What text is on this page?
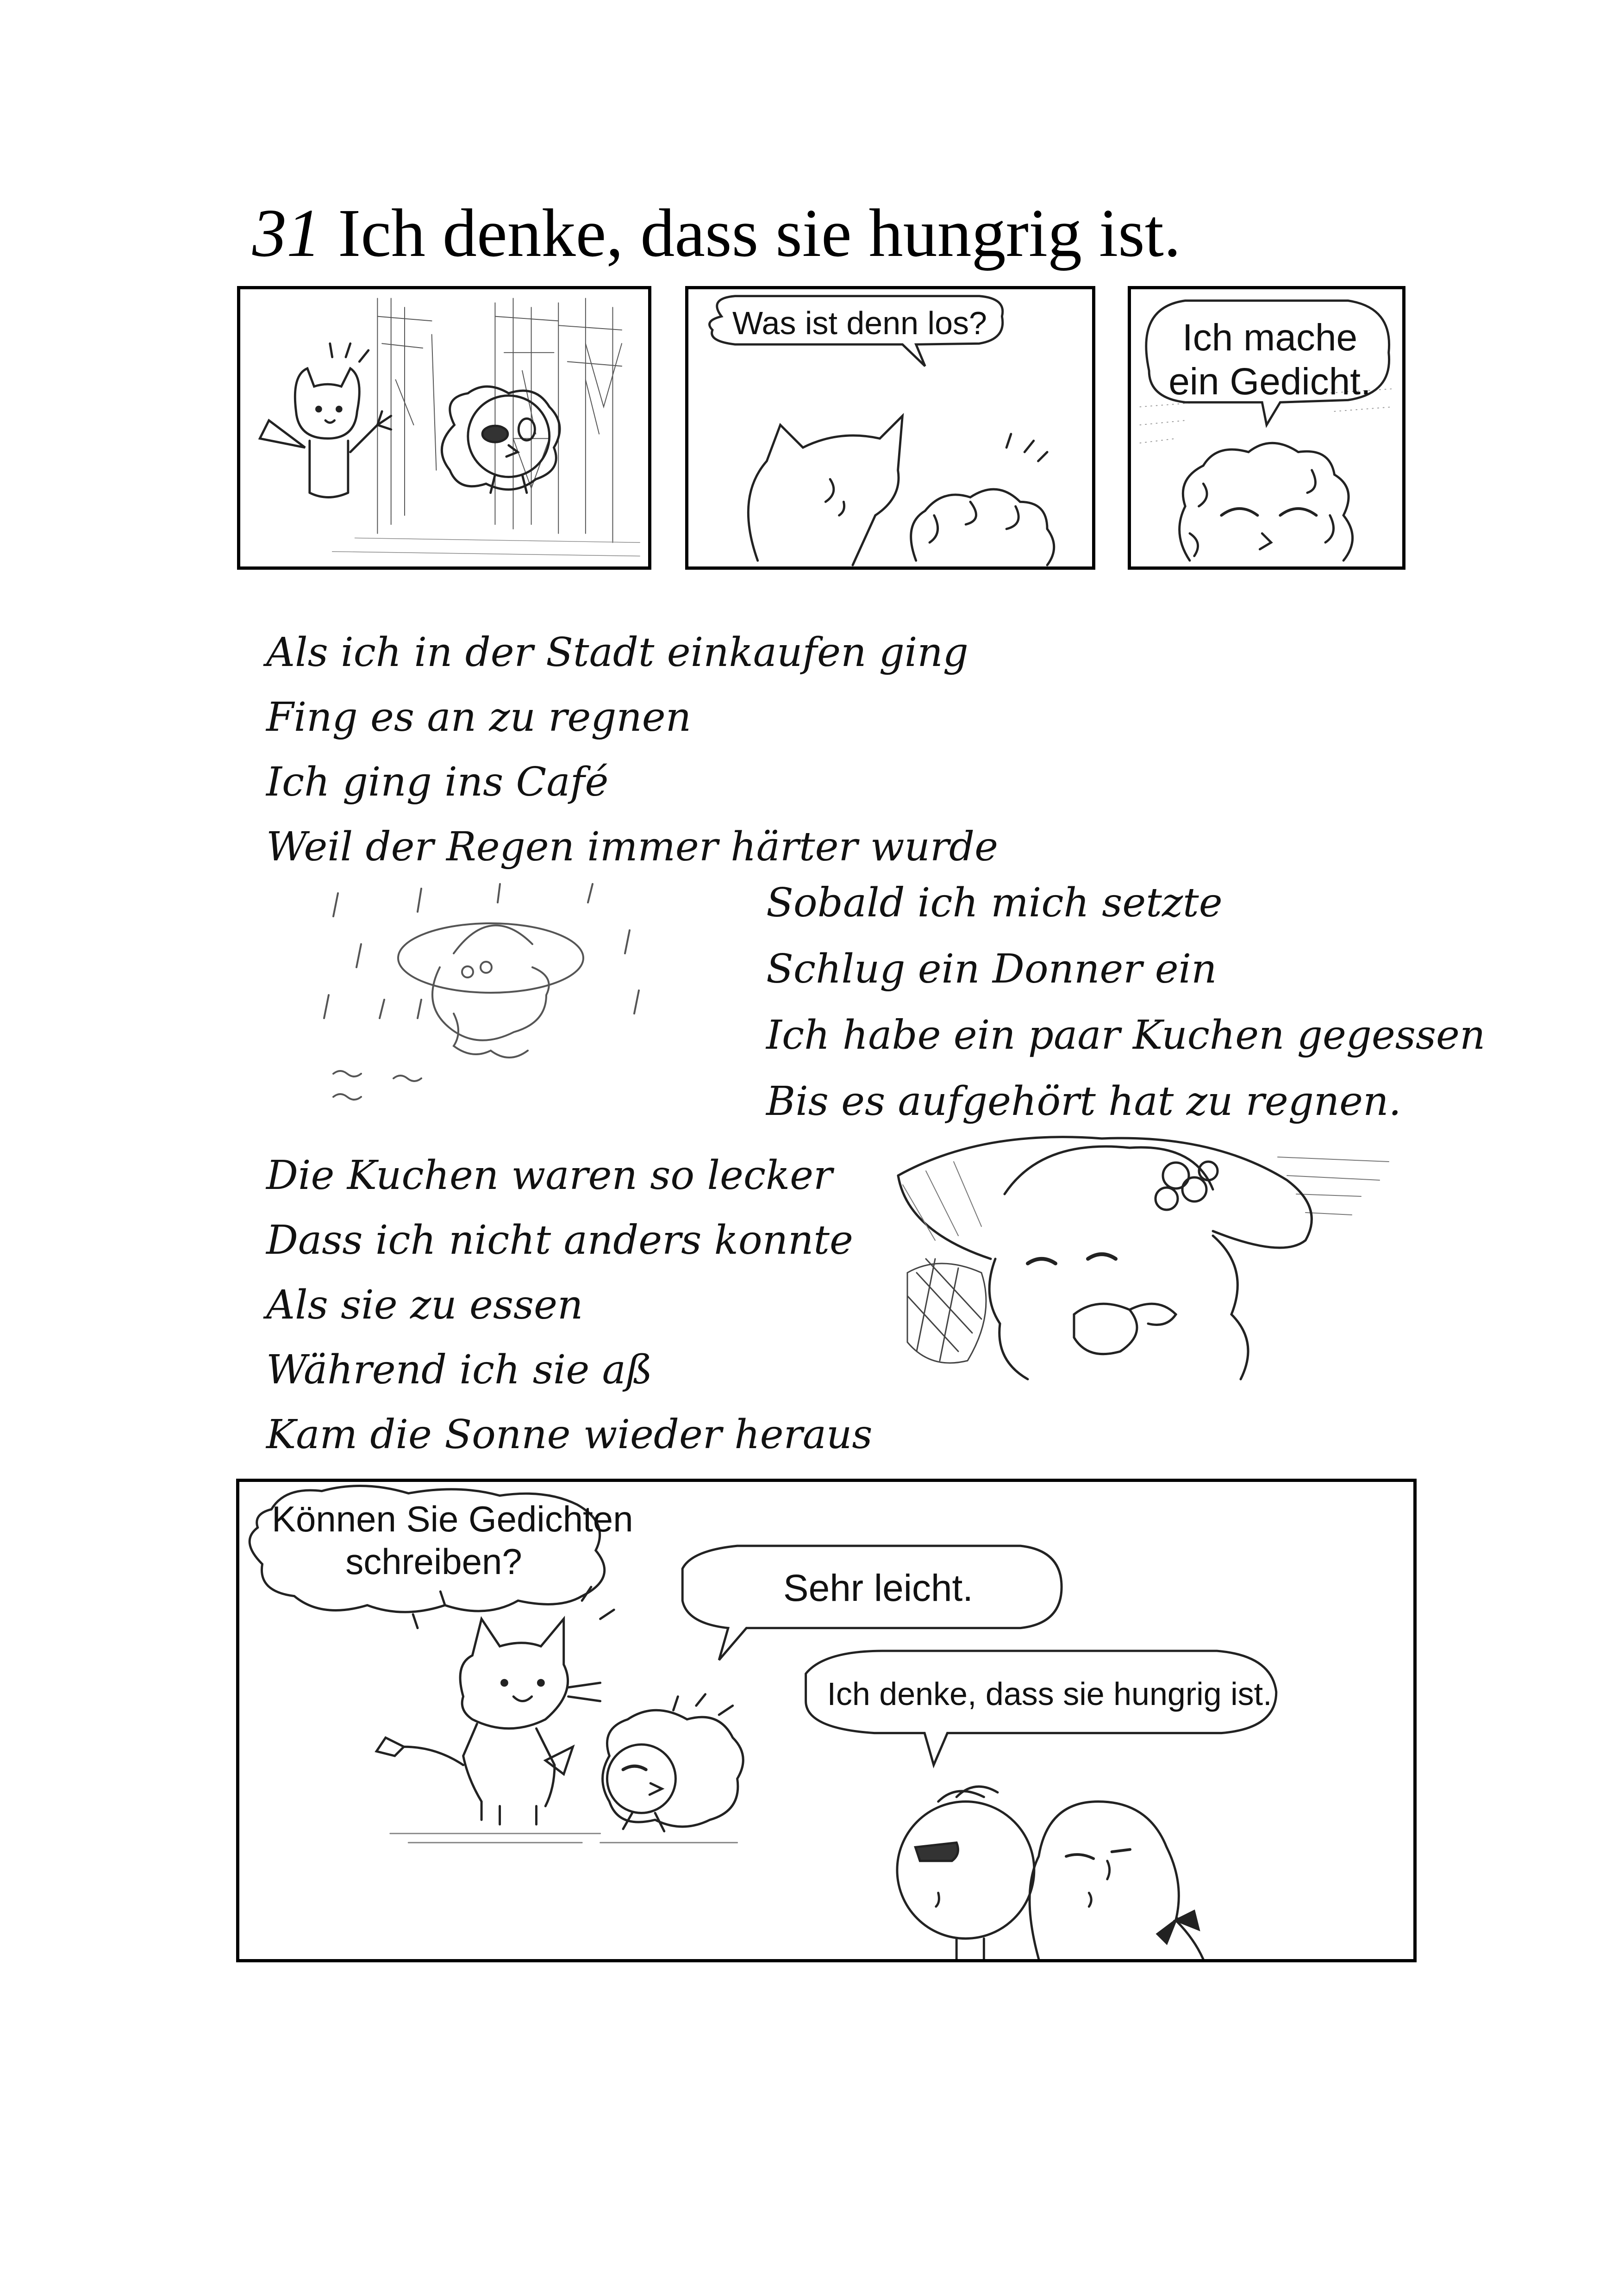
31 Ich denke, dass sie hungrig ist.
Was ist denn los?	Ich mache
ein Gedicht.
Als ich in der Stadt einkaufen ging
Fing es an zu regnen
Ich ging ins Café
Weil der Regen immer härter wurde
Sobald ich mich setzte
Schlug ein Donner ein
Ich habe ein paar Kuchen gegessen
Bis es aufgehört hat zu regnen.
Die Kuchen waren so lecker
Dass ich nicht anders konnte
Als sie zu essen
Während ich sie aß
Kam die Sonne wieder heraus
Können Sie Gedichten
schreiben?
Sehr leicht.
Ich denke, dass sie hungrig ist.
